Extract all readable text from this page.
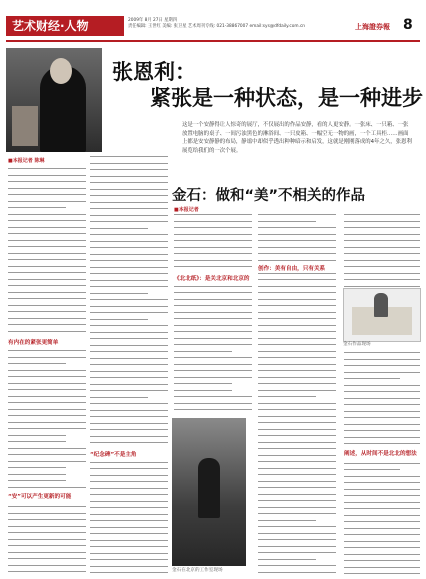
艺术财经·人物	2009年 8月 27日 星期四
责任编辑: 王世红 美编: 张卫星 艺术周刊专线: 021-38867007 email:sys@dfdaily.com.cn	上海證券報 8
张恩利：
紧张是一种状态，是一种进步
这是一个安静得让人惊奇的展厅，不仅展出的作品安静，看的人更安静。一张床、一只箱、一张放置电脑的桌子、一间污浊黑色的淋浴间、一只皮箱、一幅空无一物的画，一个工具柜……画面上都是安安静静的布局，静谧中却似乎透出种种暗示和启发，这就是刚刚落成的4年之久，张恩利展览给我们的一次个展。
■本报记者 陈琳
有内在的紧张更简单
“安”可以产生更新的可能
“纪念碑”不是主角
金石：做和“美”不相关的作品
■本报记者
《北北纸》：是关北京和北京的
创作：美有自由，只有关系
阐述，从时间不是北北的想法
金石作品现场
金石在北京的工作室现场
